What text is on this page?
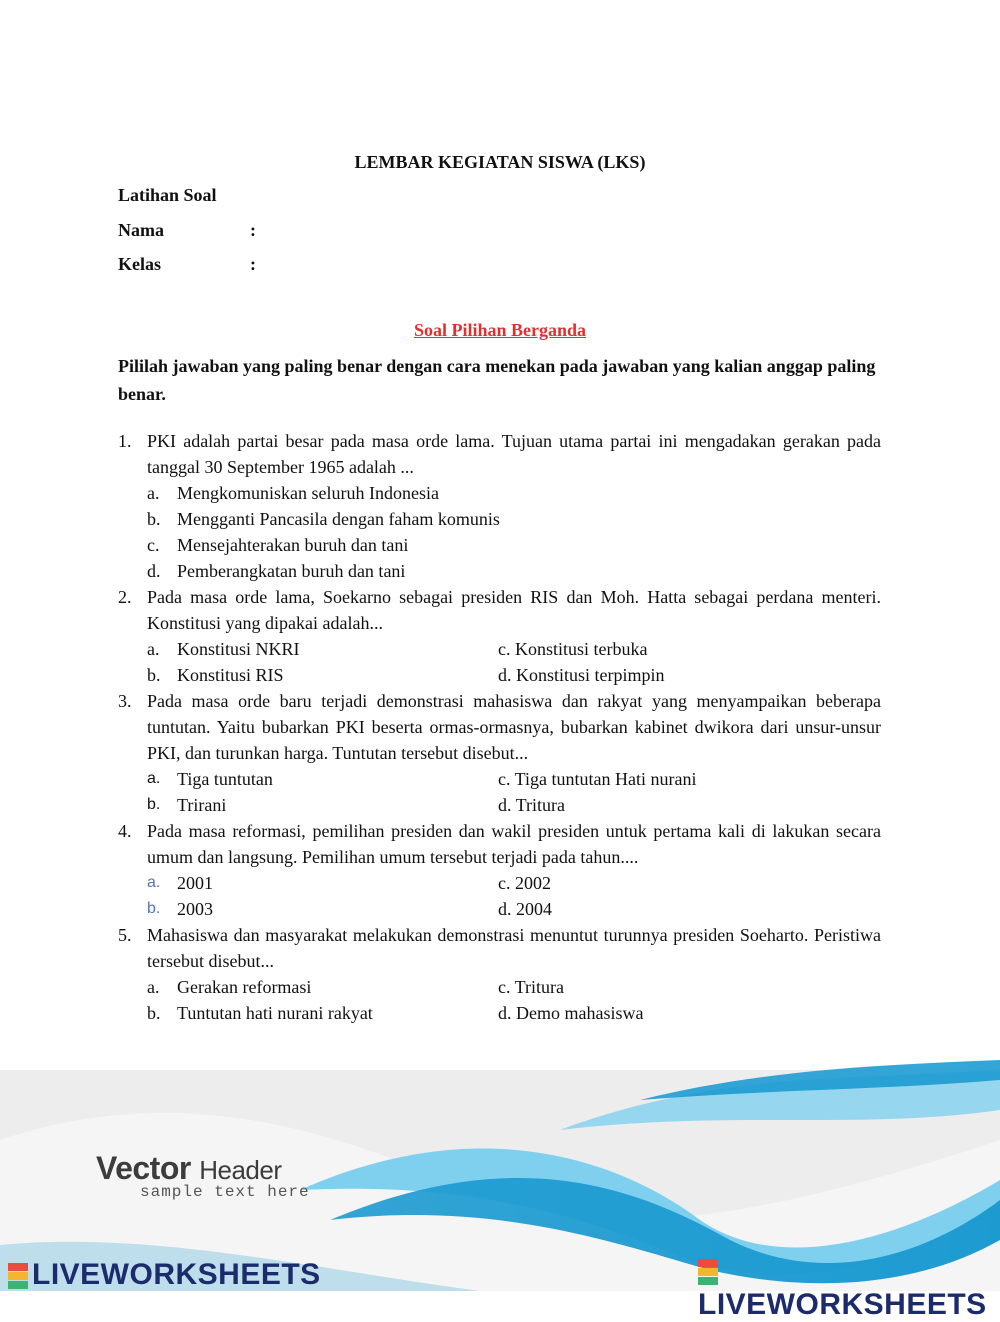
LEMBAR KEGIATAN SISWA (LKS)
Latihan Soal
Nama	:
Kelas	:
Soal Pilihan Berganda
Pililah jawaban yang paling benar dengan cara menekan pada jawaban yang kalian anggap paling benar.
1. PKI adalah partai besar pada masa orde lama. Tujuan utama partai ini mengadakan gerakan pada tanggal 30 September 1965 adalah ...
a. Mengkomuniskan seluruh Indonesia
b. Mengganti Pancasila dengan faham komunis
c. Mensejahterakan buruh dan tani
d. Pemberangkatan buruh dan tani
2. Pada masa orde lama, Soekarno sebagai presiden RIS dan Moh. Hatta sebagai perdana menteri. Konstitusi yang dipakai adalah...
a. Konstitusi NKRI	c. Konstitusi terbuka
b. Konstitusi RIS	d. Konstitusi terpimpin
3. Pada masa orde baru terjadi demonstrasi mahasiswa dan rakyat yang menyampaikan beberapa tuntutan. Yaitu bubarkan PKI beserta ormas-ormasnya, bubarkan kabinet dwikora dari unsur-unsur PKI, dan turunkan harga. Tuntutan tersebut disebut...
a. Tiga tuntutan	c. Tiga tuntutan Hati nurani
b. Trirani	d. Tritura
4. Pada masa reformasi, pemilihan presiden dan wakil presiden untuk pertama kali di lakukan secara umum dan langsung. Pemilihan umum tersebut terjadi pada tahun....
a. 2001	c. 2002
b. 2003	d. 2004
5. Mahasiswa dan masyarakat melakukan demonstrasi menuntut turunnya presiden Soeharto. Peristiwa tersebut disebut...
a. Gerakan reformasi	c. Tritura
b. Tuntutan hati nurani rakyat	d. Demo mahasiswa
Vector Header
sample text here
LIVEWORKSHEETS
LIVEWORKSHEETS
